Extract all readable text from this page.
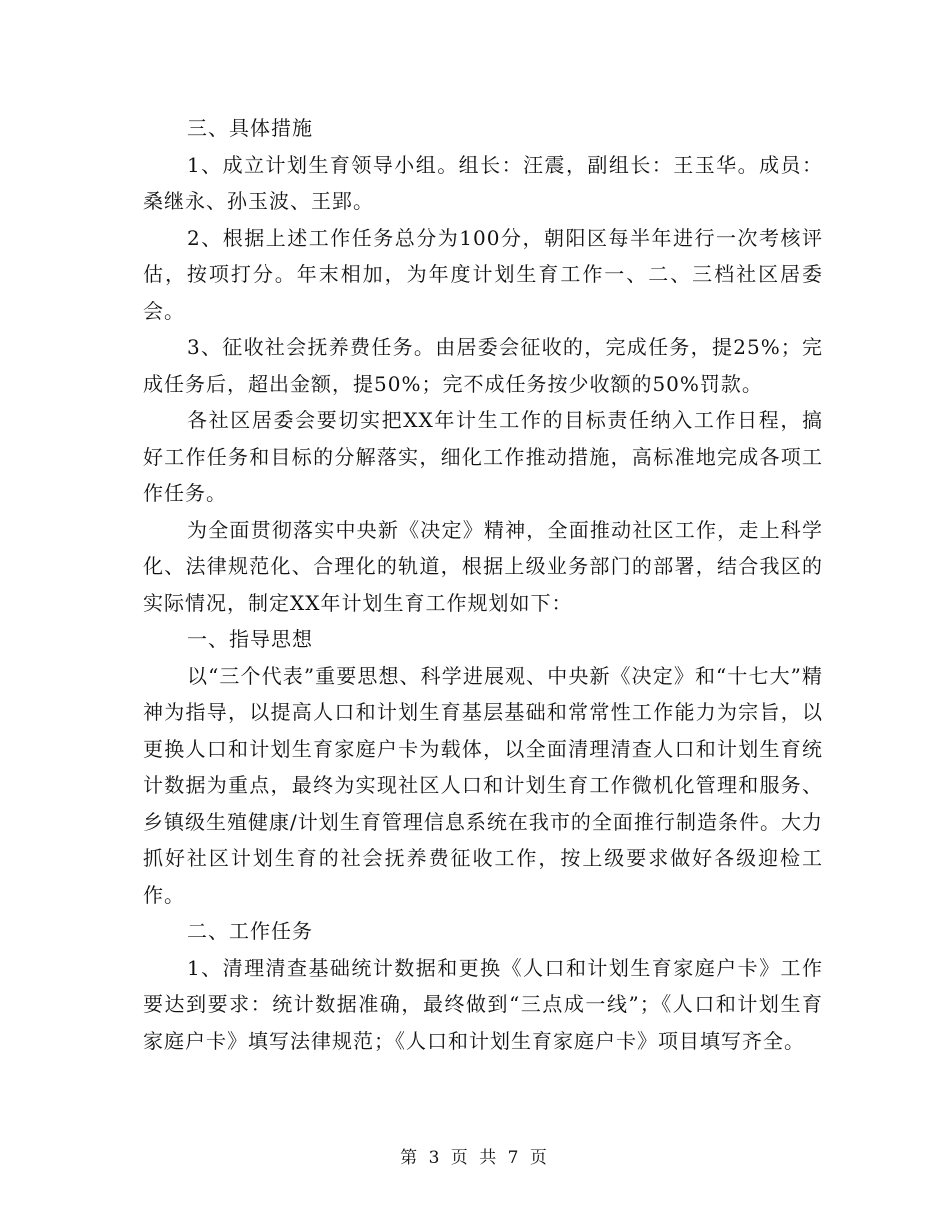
三、具体措施

1、成立计划生育领导小组。组长：汪震，副组长：王玉华。成员：桑继永、孙玉波、王郢。

2、根据上述工作任务总分为100分，朝阳区每半年进行一次考核评估，按项打分。年末相加，为年度计划生育工作一、二、三档社区居委会。

3、征收社会抚养费任务。由居委会征收的，完成任务，提25%；完成任务后，超出金额，提50%；完不成任务按少收额的50%罚款。

各社区居委会要切实把XX年计生工作的目标责任纳入工作日程，搞好工作任务和目标的分解落实，细化工作推动措施，高标准地完成各项工作任务。

为全面贯彻落实中央新《决定》精神，全面推动社区工作，走上科学化、法律规范化、合理化的轨道，根据上级业务部门的部署，结合我区的实际情况，制定XX年计划生育工作规划如下：

一、指导思想

以“三个代表”重要思想、科学进展观、中央新《决定》和“十七大”精神为指导，以提高人口和计划生育基层基础和常常性工作能力为宗旨，以更换人口和计划生育家庭户卡为载体，以全面清理清查人口和计划生育统计数据为重点，最终为实现社区人口和计划生育工作微机化管理和服务、乡镇级生殖健康/计划生育管理信息系统在我市的全面推行制造条件。大力抓好社区计划生育的社会抚养费征收工作，按上级要求做好各级迎检工作。

二、工作任务

1、清理清查基础统计数据和更换《人口和计划生育家庭户卡》工作要达到要求：统计数据准确，最终做到“三点成一线”；《人口和计划生育家庭户卡》填写法律规范；《人口和计划生育家庭户卡》项目填写齐全。

第 3 页 共 7 页
